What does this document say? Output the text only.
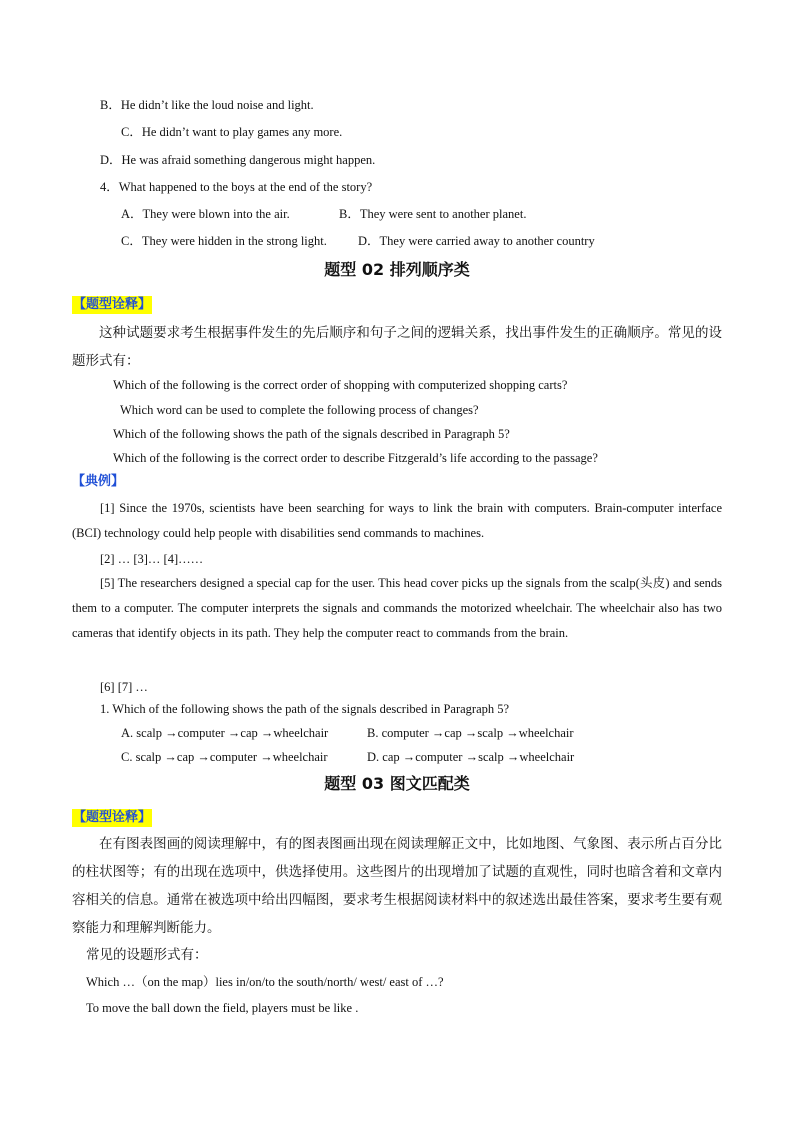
B．He didn’t like the loud noise and light.
C．He didn’t want to play games any more.
D．He was afraid something dangerous might happen.
4．What happened to the boys at the end of the story?
A．They were blown into the air.	B．They were sent to another planet.
C．They were hidden in the strong light. D．They were carried away to another country
题型 02 排列顺序类
【题型诠释】
这种试题要求考生根据事件发生的先后顺序和句子之间的逻辑关系，找出事件发生的正确顺序。常见的设题形式有：
Which of the following is the correct order of shopping with computerized shopping carts?
Which word can be used to complete the following process of changes?
Which of the following shows the path of the signals described in Paragraph 5?
Which of the following is the correct order to describe Fitzgerald’s life according to the passage?
【典例】
[1] Since the 1970s, scientists have been searching for ways to link the brain with computers. Brain-computer interface (BCI) technology could help people with disabilities send commands to machines.
[2] … [3]… [4]……
[5] The researchers designed a special cap for the user. This head cover picks up the signals from the scalp(头皮) and sends them to a computer. The computer interprets the signals and commands the motorized wheelchair. The wheelchair also has two cameras that identify objects in its path. They help the computer react to commands from the brain.
[6] [7] …
1. Which of the following shows the path of the signals described in Paragraph 5?
A. scalp →computer →cap →wheelchair	B. computer →cap →scalp →wheelchair
C. scalp →cap →computer →wheelchair	D. cap →computer →scalp →wheelchair
题型 03 图文匹配类
【题型诠释】
在有图表图画的阅读理解中，有的图表图画出现在阅读理解正文中，比如地图、气象图、表示所占百分比的柱状图等；有的出现在选项中，供选择使用。这些图片的出现增加了试题的直观性，同时也暗含着和文章内容相关的信息。通常在被选项中给出四幅图，要求考生根据阅读材料中的叙述选出最佳答案，要求考生要有观察能力和理解判断能力。
常见的设题形式有：
Which …（on the map）lies in/on/to the south/north/ west/ east of …?
To move the ball down the field, players must be like .
